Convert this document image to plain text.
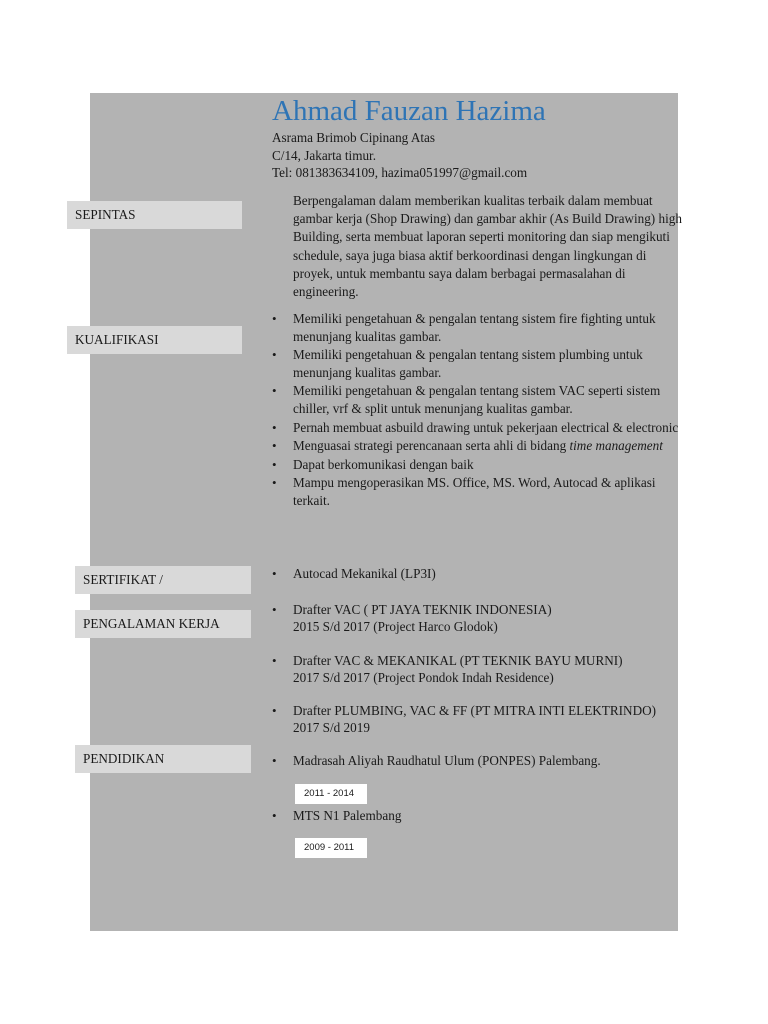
Ahmad Fauzan Hazima
Asrama Brimob Cipinang Atas
C/14, Jakarta timur.
Tel: 081383634109, hazima051997@gmail.com
SEPINTAS
KUALIFIKASI
SERTIFIKAT /
PENGALAMAN KERJA
PENDIDIKAN
Berpengalaman dalam memberikan kualitas terbaik dalam membuat gambar kerja (Shop Drawing) dan gambar akhir (As Build Drawing) high Building, serta membuat laporan seperti monitoring dan siap mengikuti schedule, saya juga biasa aktif berkoordinasi dengan lingkungan di proyek, untuk membantu saya dalam berbagai permasalahan di engineering.
• Memiliki pengetahuan & pengalan tentang sistem fire fighting untuk menunjang kualitas gambar.
• Memiliki pengetahuan & pengalan tentang sistem plumbing untuk menunjang kualitas gambar.
• Memiliki pengetahuan & pengalan tentang sistem VAC seperti sistem chiller, vrf & split untuk menunjang kualitas gambar.
• Pernah membuat asbuild drawing untuk pekerjaan electrical & electronic
• Menguasai strategi perencanaan serta ahli di bidang time management
• Dapat berkomunikasi dengan baik
• Mampu mengoperasikan MS. Office, MS. Word, Autocad & aplikasi terkait.
• Autocad Mekanikal (LP3I)
• Drafter VAC ( PT JAYA TEKNIK INDONESIA)
2015 S/d 2017 (Project Harco Glodok)
• Drafter VAC & MEKANIKAL (PT TEKNIK BAYU MURNI)
2017 S/d 2017 (Project Pondok Indah Residence)
• Drafter PLUMBING, VAC & FF (PT MITRA INTI ELEKTRINDO)
2017 S/d 2019
• Madrasah Aliyah Raudhatul Ulum (PONPES) Palembang.
2011 - 2014
• MTS N1 Palembang
2009 - 2011
